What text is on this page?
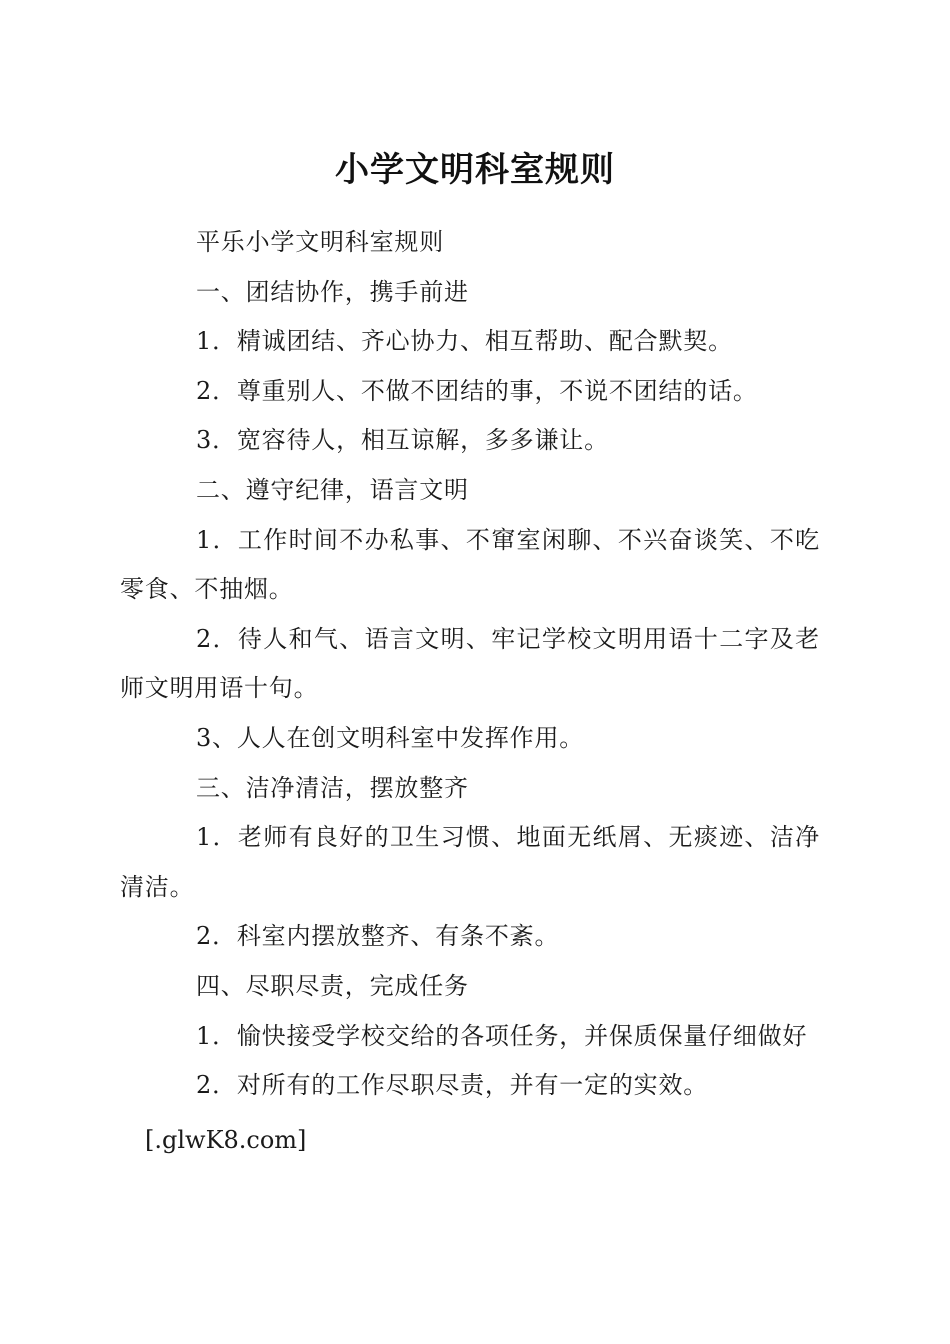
小学文明科室规则

平乐小学文明科室规则

一、团结协作，携手前进

1．精诚团结、齐心协力、相互帮助、配合默契。

2．尊重别人、不做不团结的事，不说不团结的话。

3．宽容待人，相互谅解，多多谦让。

二、遵守纪律，语言文明

1．工作时间不办私事、不窜室闲聊、不兴奋谈笑、不吃零食、不抽烟。

2．待人和气、语言文明、牢记学校文明用语十二字及老师文明用语十句。

3、人人在创文明科室中发挥作用。

三、洁净清洁，摆放整齐

1．老师有良好的卫生习惯、地面无纸屑、无痰迹、洁净清洁。

2．科室内摆放整齐、有条不紊。

四、尽职尽责，完成任务

1．愉快接受学校交给的各项任务，并保质保量仔细做好

2．对所有的工作尽职尽责，并有一定的实效。

[.glwK8.com]
